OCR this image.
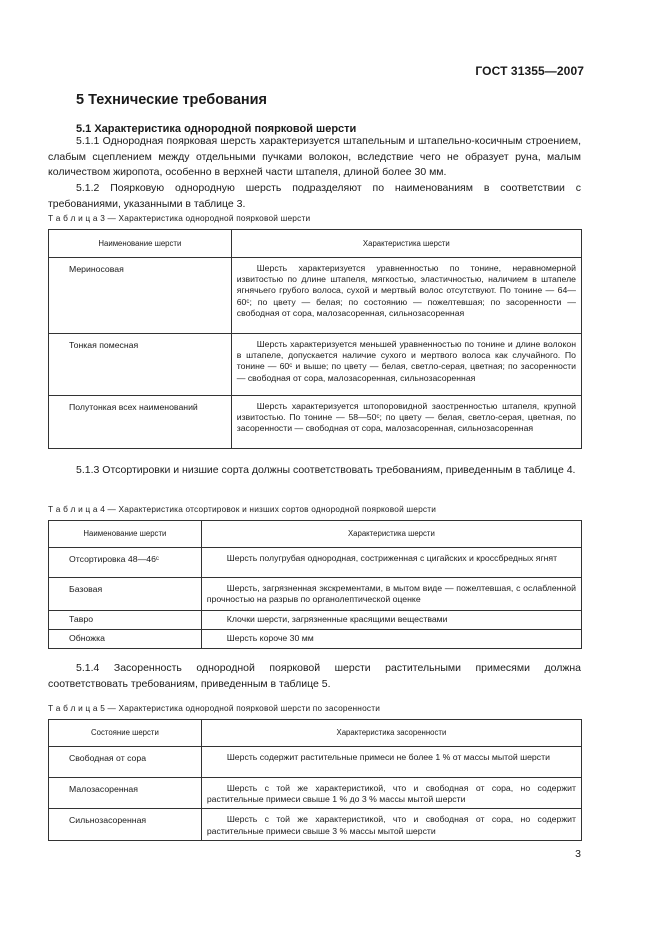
ГОСТ 31355—2007
5 Технические требования
5.1 Характеристика однородной поярковой шерсти

5.1.1 Однородная поярковая шерсть характеризуется штапельным и штапельно-косичным строением, слабым сцеплением между отдельными пучками волокон, вследствие чего не образует руна, малым количеством жиропота, особенно в верхней части штапеля, длиной более 30 мм.

5.1.2 Поярковую однородную шерсть подразделяют по наименованиям в соответствии с требованиями, указанными в таблице 3.

Т а б л и ц а 3 — Характеристика однородной поярковой шерсти
Наименование шерсти	Характеристика шерсти
Мериносовая	Шерсть характеризуется уравненностью по тонине, неравномерной извитостью по длине штапеля, мягкостью, эластичностью, наличием в штапеле ягнячьего грубого волоса, сухой и мертвый волос отсутствуют. По тонине — 64—60ᶜ; по цвету — белая; по состоянию — пожелтевшая; по засоренности — свободная от сора, малозасоренная, сильнозасоренная
Тонкая помесная	Шерсть характеризуется меньшей уравненностью по тонине и длине волокон в штапеле, допускается наличие сухого и мертвого волоса как случайного. По тонине — 60ᶜ и выше; по цвету — белая, светло-серая, цветная; по засоренности — свободная от сора, малозасоренная, сильнозасоренная
Полутонкая всех наименований	Шерсть характеризуется штопоровидной заостренностью штапеля, крупной извитостью. По тонине — 58—50ᶜ; по цвету — белая, светло-серая, цветная, по засоренности — свободная от сора, малозасоренная, сильнозасоренная

5.1.3 Отсортировки и низшие сорта должны соответствовать требованиям, приведенным в таблице 4.

Т а б л и ц а 4 — Характеристика отсортировок и низших сортов однородной поярковой шерсти
Наименование шерсти	Характеристика шерсти
Отсортировка 48—46ᶜ	Шерсть полугрубая однородная, состриженная с цигайских и кроссбредных ягнят
Базовая	Шерсть, загрязненная экскрементами, в мытом виде — пожелтевшая, с ослабленной прочностью на разрыв по органолептической оценке
Тавро	Клочки шерсти, загрязненные красящими веществами
Обножка	Шерсть короче 30 мм

5.1.4 Засоренность однородной поярковой шерсти растительными примесями должна соответствовать требованиям, приведенным в таблице 5.

Т а б л и ц а 5 — Характеристика однородной поярковой шерсти по засоренности
Состояние шерсти	Характеристика засоренности
Свободная от сора	Шерсть содержит растительные примеси не более 1 % от массы мытой шерсти
Малозасоренная	Шерсть с той же характеристикой, что и свободная от сора, но содержит растительные примеси свыше 1 % до 3 % массы мытой шерсти
Сильнозасоренная	Шерсть с той же характеристикой, что и свободная от сора, но содержит растительные примеси свыше 3 % массы мытой шерсти
3
